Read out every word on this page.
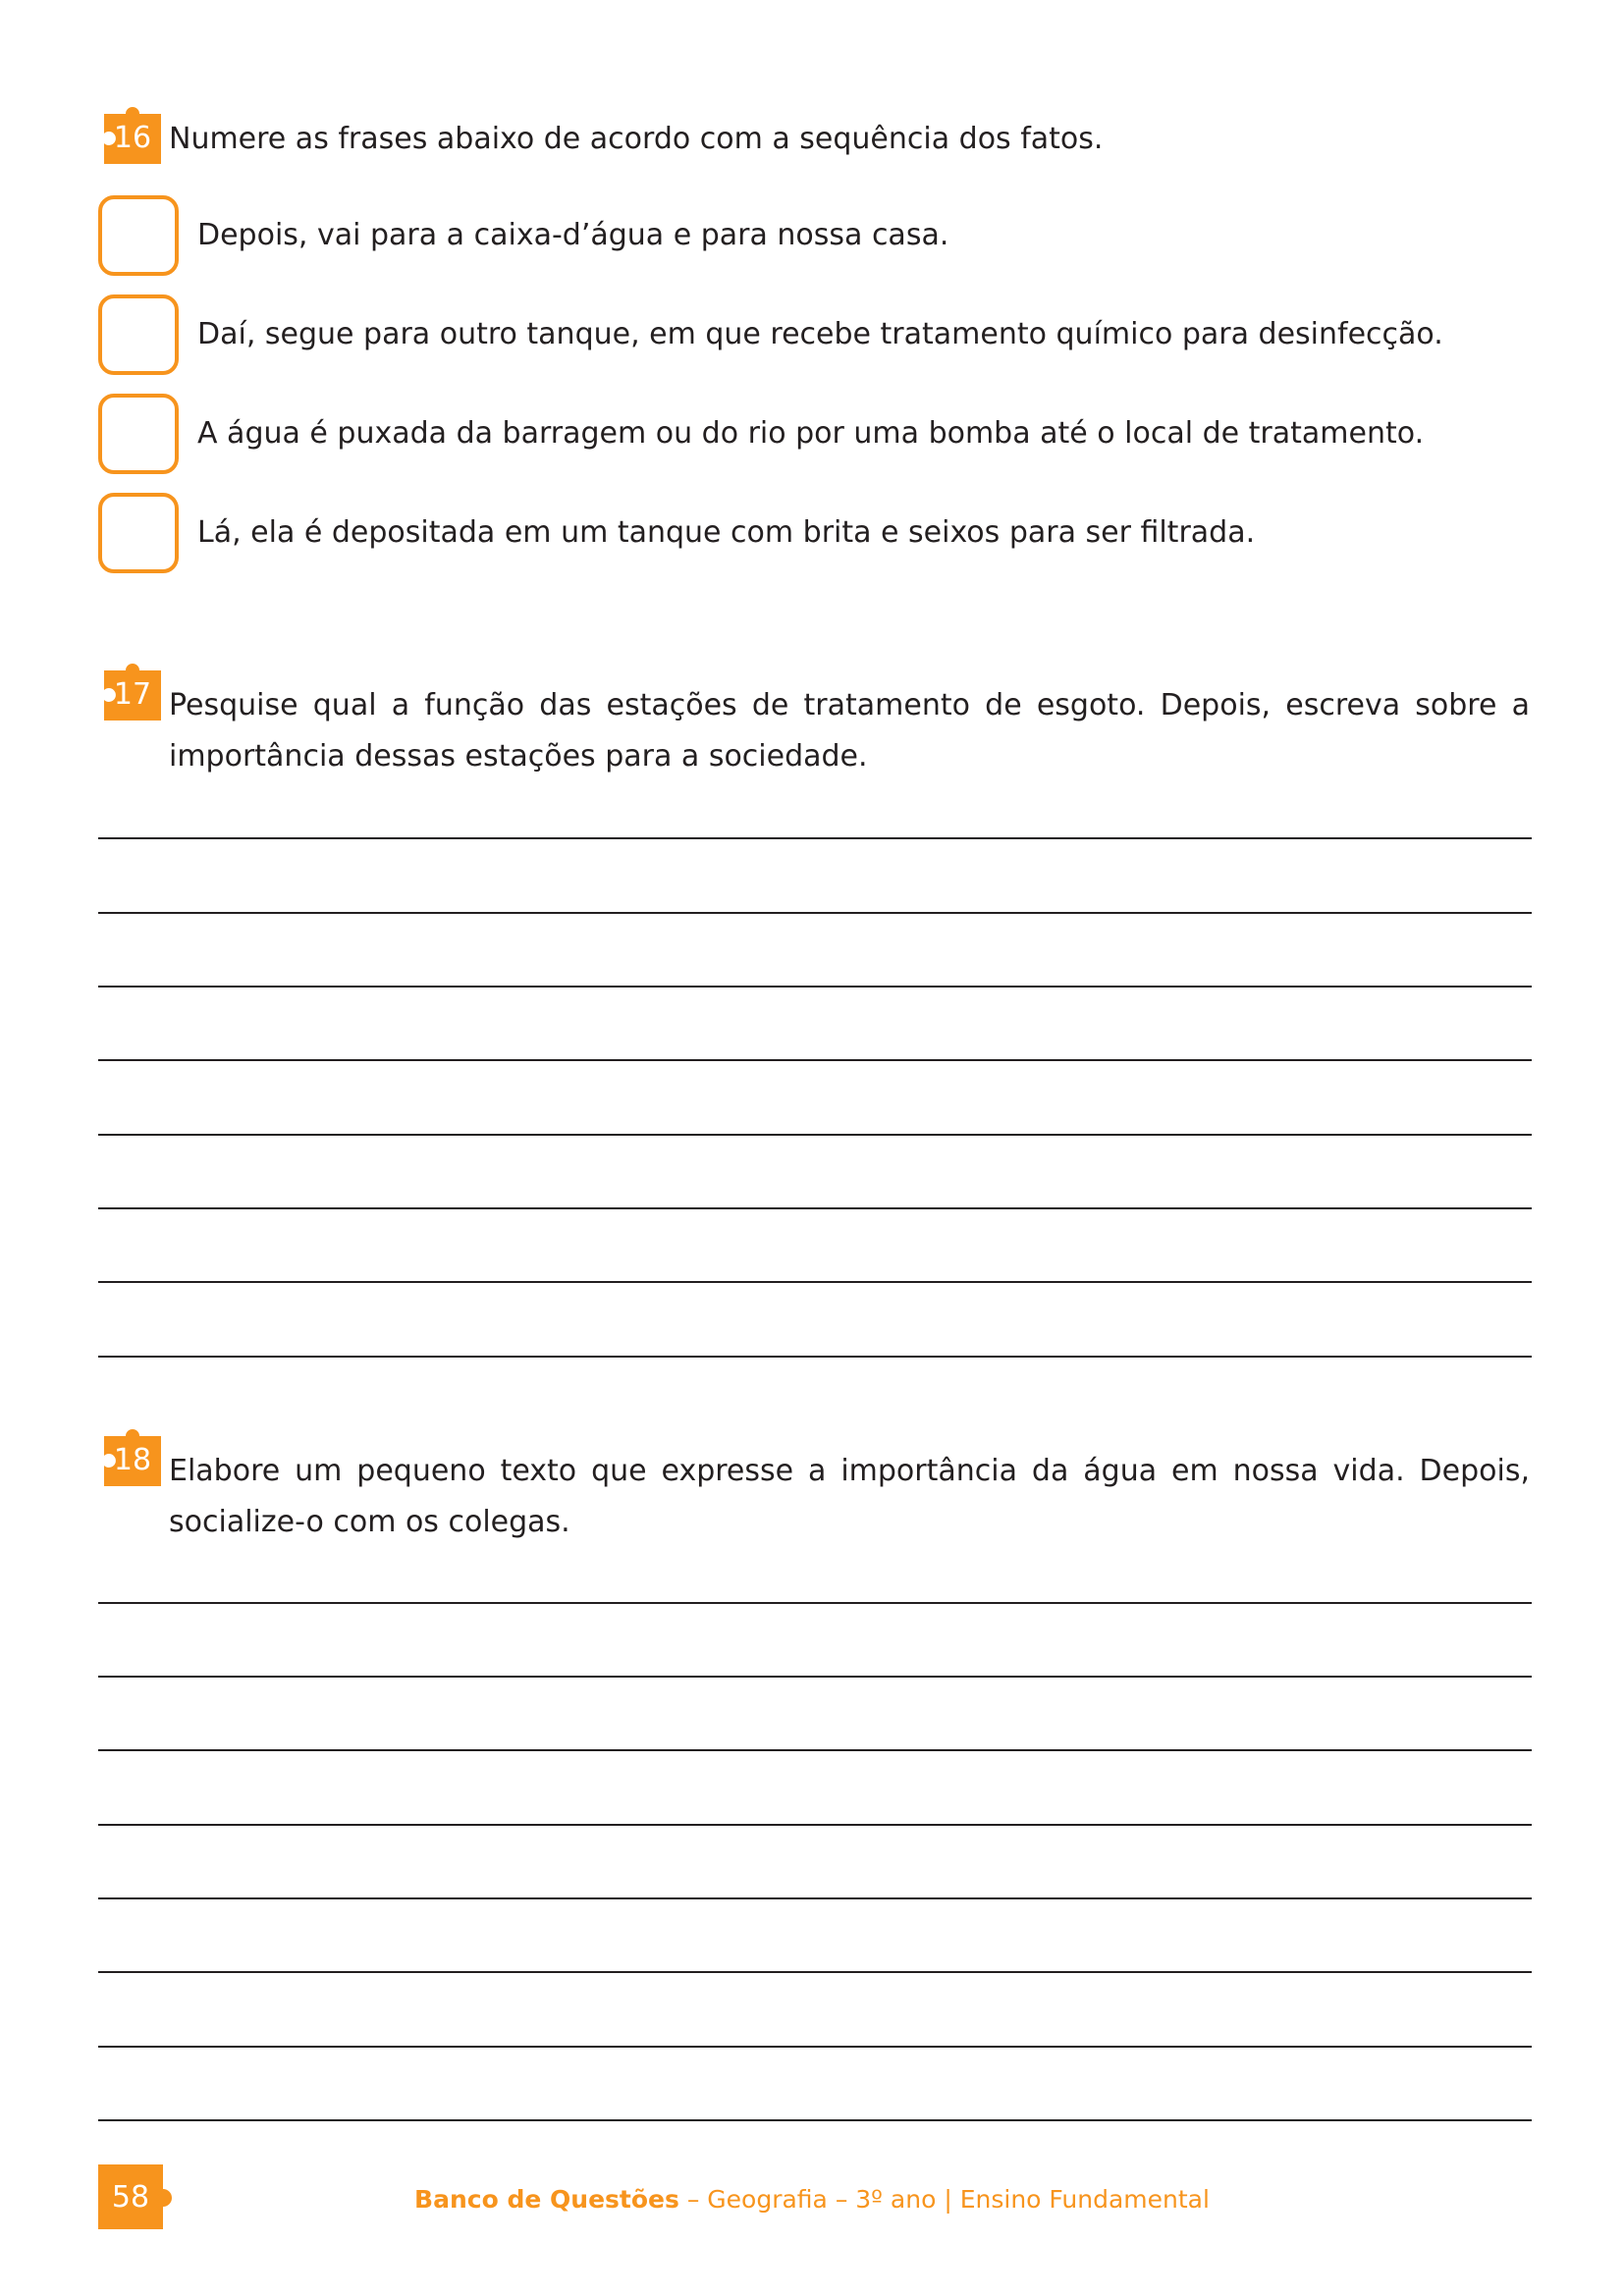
16 Numere as frases abaixo de acordo com a sequência dos fatos.
Depois, vai para a caixa-d’água e para nossa casa.
Daí, segue para outro tanque, em que recebe tratamento químico para desinfecção.
A água é puxada da barragem ou do rio por uma bomba até o local de tratamento.
Lá, ela é depositada em um tanque com brita e seixos para ser filtrada.
17 Pesquise qual a função das estações de tratamento de esgoto. Depois, escreva sobre a importância dessas estações para a sociedade.
18 Elabore um pequeno texto que expresse a importância da água em nossa vida. Depois, socialize-o com os colegas.
58	Banco de Questões – Geografia – 3º ano | Ensino Fundamental
